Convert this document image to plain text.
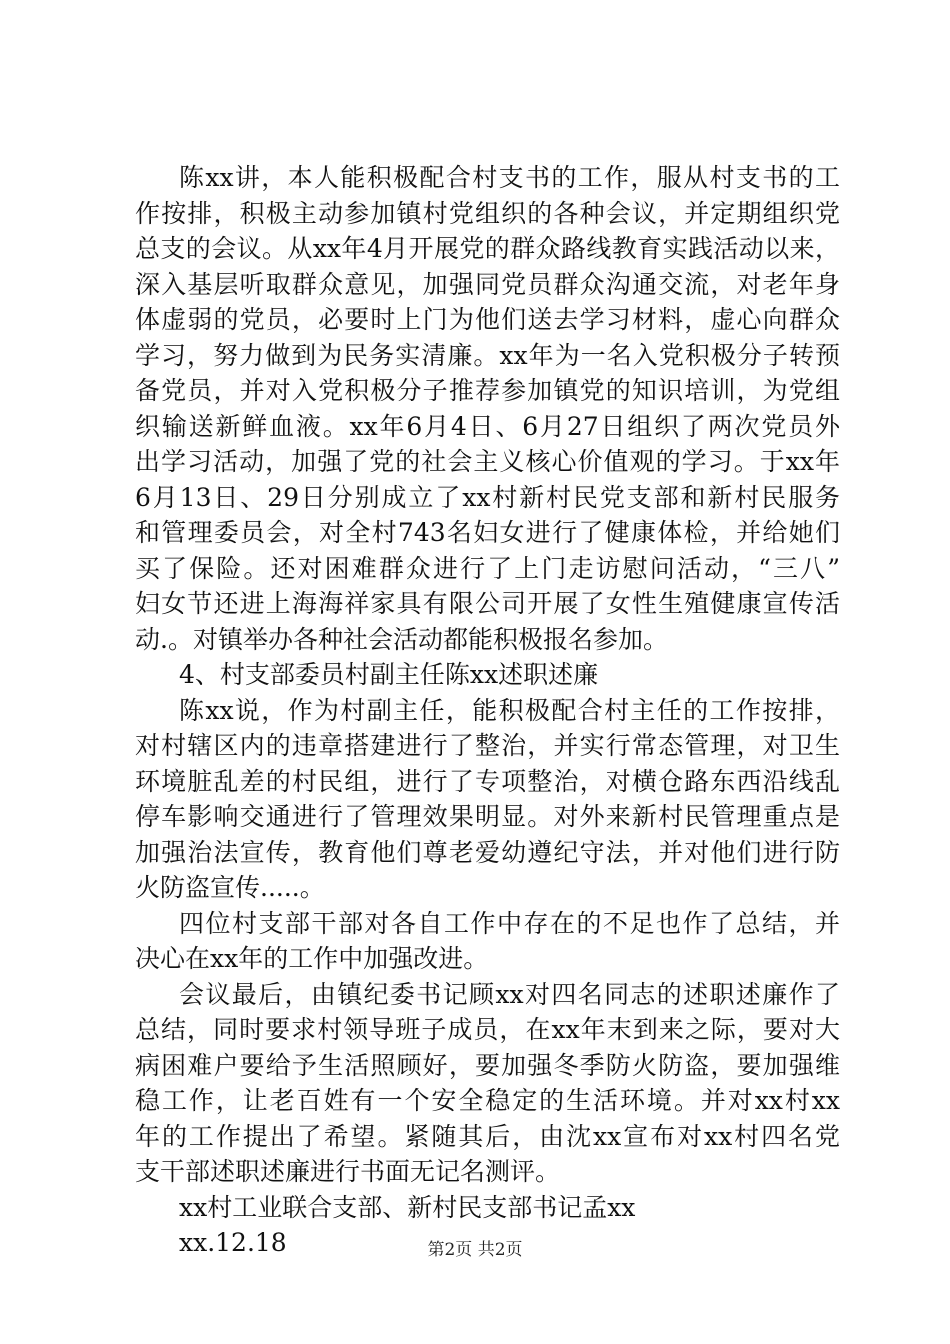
陈xx讲，本人能积极配合村支书的工作，服从村支书的工
作按排，积极主动参加镇村党组织的各种会议，并定期组织党
总支的会议。从xx年4月开展党的群众路线教育实践活动以来，
深入基层听取群众意见，加强同党员群众沟通交流，对老年身
体虚弱的党员，必要时上门为他们送去学习材料，虚心向群众
学习，努力做到为民务实清廉。xx年为一名入党积极分子转预
备党员，并对入党积极分子推荐参加镇党的知识培训，为党组
织输送新鲜血液。xx年6月4日、6月27日组织了两次党员外
出学习活动，加强了党的社会主义核心价值观的学习。于xx年
6月13日、29日分别成立了xx村新村民党支部和新村民服务
和管理委员会，对全村743名妇女进行了健康体检，并给她们
买了保险。还对困难群众进行了上门走访慰问活动，“三八”
妇女节还进上海海祥家具有限公司开展了女性生殖健康宣传活
动.。对镇举办各种社会活动都能积极报名参加。
4、村支部委员村副主任陈xx述职述廉
陈xx说，作为村副主任，能积极配合村主任的工作按排，
对村辖区内的违章搭建进行了整治，并实行常态管理，对卫生
环境脏乱差的村民组，进行了专项整治，对横仓路东西沿线乱
停车影响交通进行了管理效果明显。对外来新村民管理重点是
加强治法宣传，教育他们尊老爱幼遵纪守法，并对他们进行防
火防盗宣传.....。
四位村支部干部对各自工作中存在的不足也作了总结，并
决心在xx年的工作中加强改进。
会议最后，由镇纪委书记顾xx对四名同志的述职述廉作了
总结，同时要求村领导班子成员，在xx年末到来之际，要对大
病困难户要给予生活照顾好，要加强冬季防火防盗，要加强维
稳工作，让老百姓有一个安全稳定的生活环境。并对xx村xx
年的工作提出了希望。紧随其后，由沈xx宣布对xx村四名党
支干部述职述廉进行书面无记名测评。
xx村工业联合支部、新村民支部书记孟xx
xx.12.18	第2页 共2页
